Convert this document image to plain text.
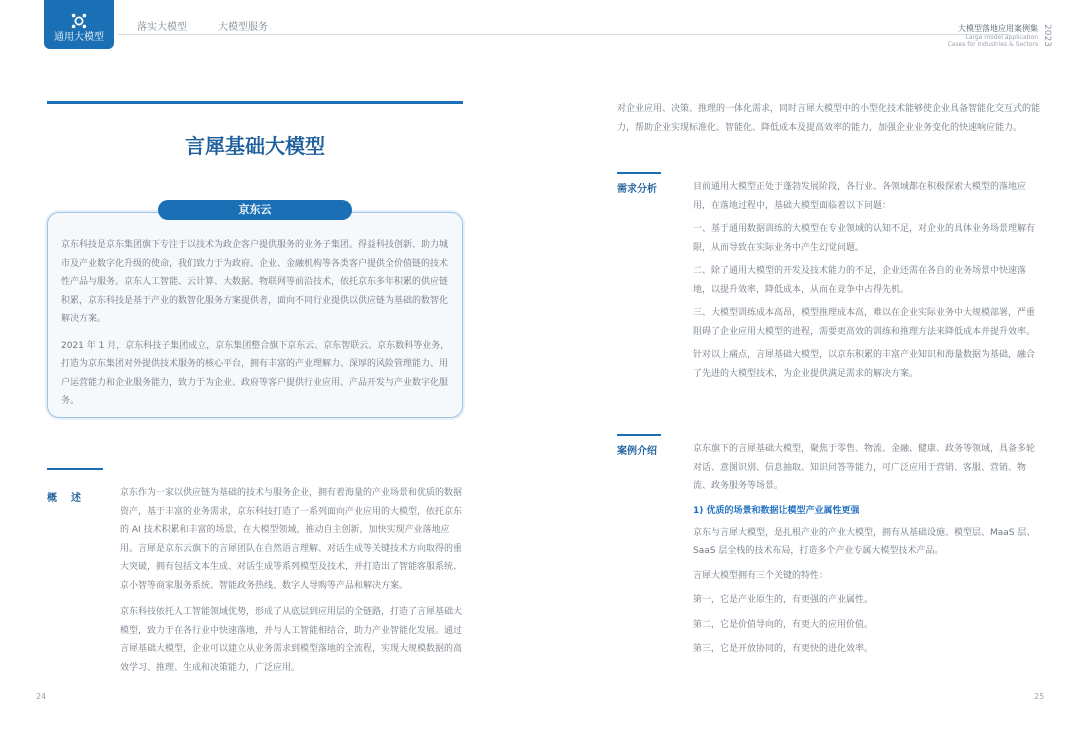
通用大模型
落实大模型	大模型服务	大模型落地应用案例集
Large model application
Cases for Industries & Sectors 2023
言犀基础大模型
京东云

京东科技是京东集团旗下专注于以技术为政企客户提供服务的业务子集团。得益科技创新、助力城市及产业数字化升级的使命，我们致力于为政府、企业、金融机构等各类客户提供全价值链的技术性产品与服务。京东人工智能、云计算、大数据、物联网等前沿技术，依托京东多年积累的供应链积累，京东科技是基于产业的数智化服务方案提供者，面向不同行业提供以供应链为基础的数智化解决方案。

2021 年 1 月，京东科技子集团成立，京东集团整合旗下京东云、京东智联云、京东数科等业务，打造为京东集团对外提供技术服务的核心平台，拥有丰富的产业理解力、深厚的风险管理能力、用户运营能力和企业服务能力，致力于为企业、政府等客户提供行业应用、产品开发与产业数字化服务。

概　述	京东作为一家以供应链为基础的技术与服务企业，拥有着海量的产业场景和优质的数据资产，基于丰富的业务需求，京东科技打造了一系列面向产业应用的大模型，依托京东的 AI 技术积累和丰富的场景，在大模型领域，推动自主创新，加快实现产业落地应用。言犀是京东云旗下的言犀团队在自然语言理解、对话生成等关键技术方向取得的重大突破，拥有包括文本生成、对话生成等系列模型及技术，并打造出了智能客服系统、京小智等商家服务系统、智能政务热线、数字人导购等产品和解决方案。

京东科技依托人工智能领域优势，形成了从底层到应用层的全链路，打造了言犀基础大模型，致力于在各行业中快速落地，并与人工智能相结合，助力产业智能化发展。通过言犀基础大模型，企业可以建立从业务需求到模型落地的全流程，实现大规模数据的高效学习、推理、生成和决策能力，广泛应用。

24

对企业应用、决策、推理的一体化需求，同时言犀大模型中的小型化技术能够使企业具备智能化交互式的能力，帮助企业实现标准化、智能化、降低成本及提高效率的能力，加强企业业务变化的快速响应能力。

需求分析	目前通用大模型正处于蓬勃发展阶段，各行业、各领域都在积极探索大模型的落地应用，在落地过程中，基础大模型面临着以下问题：

一、基于通用数据训练的大模型在专业领域的认知不足，对企业的具体业务场景理解有限，从而导致在实际业务中产生幻觉问题。

二、除了通用大模型的开发及技术能力的不足，企业还需在各自的业务场景中快速落地，以提升效率，降低成本，从而在竞争中占得先机。

三、大模型训练成本高昂，模型推理成本高，难以在企业实际业务中大规模部署，严重阻碍了企业应用大模型的进程，需要更高效的训练和推理方法来降低成本并提升效率。

针对以上痛点，言犀基础大模型，以京东积累的丰富产业知识和海量数据为基础，融合了先进的大模型技术，为企业提供满足需求的解决方案。

案例介绍	京东旗下的言犀基础大模型，聚焦于零售、物流、金融、健康、政务等领域，具备多轮对话、意图识别、信息抽取、知识问答等能力，可广泛应用于营销、客服、营销、物流、政务服务等场景。

1) 优质的场景和数据让模型产业属性更强

京东与言犀大模型，是扎根产业的产业大模型，拥有从基础设施、模型层、MaaS 层、SaaS 层全栈的技术布局，打造多个产业专属大模型技术产品。

言犀大模型拥有三个关键的特性：

第一，它是产业原生的，有更强的产业属性。

第二，它是价值导向的，有更大的应用价值。

第三，它是开放协同的，有更快的进化效率。

25
